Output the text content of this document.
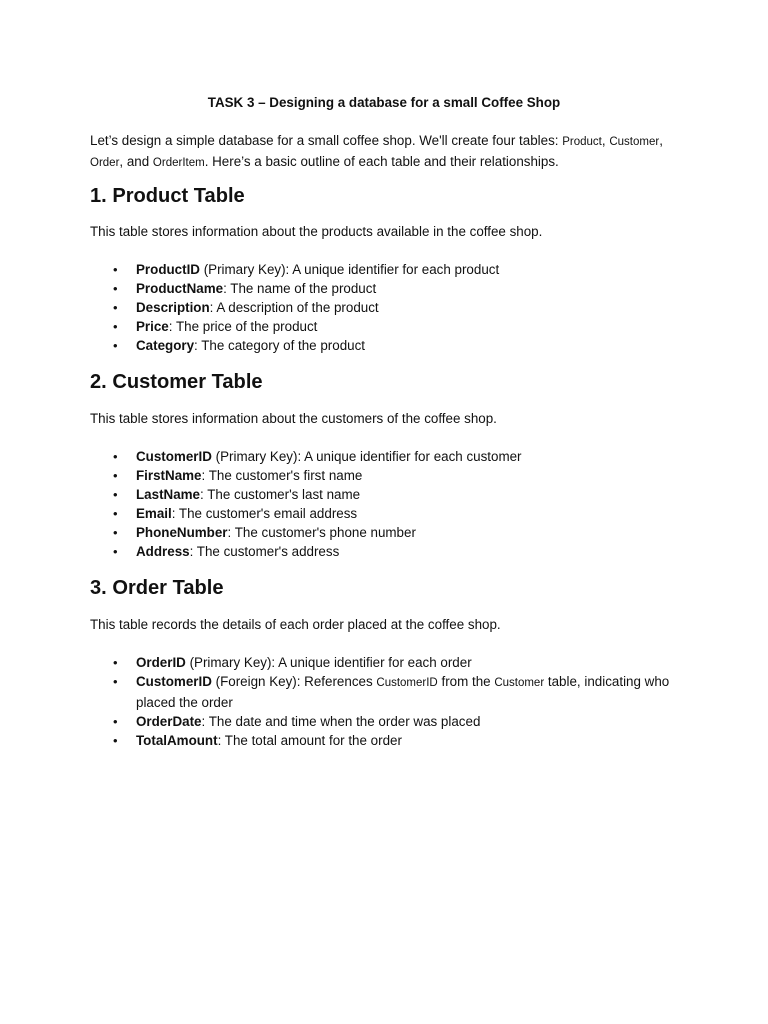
TASK 3 – Designing a database for a small Coffee Shop

Let’s design a simple database for a small coffee shop. We'll create four tables: Product, Customer,
Order, and OrderItem. Here’s a basic outline of each table and their relationships.

1. Product Table

This table stores information about the products available in the coffee shop.

• ProductID (Primary Key): A unique identifier for each product
• ProductName: The name of the product
• Description: A description of the product
• Price: The price of the product
• Category: The category of the product
2. Customer Table

This table stores information about the customers of the coffee shop.

• CustomerID (Primary Key): A unique identifier for each customer
• FirstName: The customer's first name
• LastName: The customer's last name
• Email: The customer's email address
• PhoneNumber: The customer's phone number
• Address: The customer's address
3. Order Table

This table records the details of each order placed at the coffee shop.

• OrderID (Primary Key): A unique identifier for each order
• CustomerID (Foreign Key): References CustomerID from the Customer table, indicating who placed the order
• OrderDate: The date and time when the order was placed
• TotalAmount: The total amount for the order
